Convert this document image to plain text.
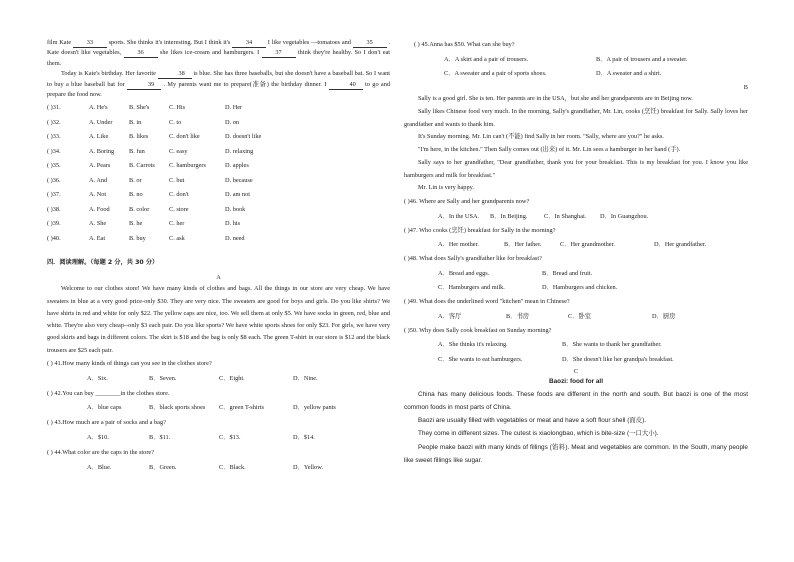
film Kate 33 sports. She thinks it's interesting. But I think it's 34 I like vegetables —tomatoes and 35 . Kate doesn't like vegetables,	36	she likes ice-cream and hamburgers. I	37	think they're healthy. So I don't eat them.

Today is Kate's birthday. Her favorite	38 is blue. She has three baseballs, but she doesn't have a baseball bat. So I want to buy a blue baseball bat for	39 . My parents want me to prepare(准备) the birthday dinner. I	40 to go and prepare the food now.

( )31.	A. He's	B. She's	C. His	D. Her
( )32.	A. Under	B. in	C. to	D. on
( )33.	A. Like	B. likes	C. don't like	D. doesn't like
( )34.	A. Boring	B. fun	C. easy	D. relaxing
( )35.	A. Pears	B. Carrots	C. hamburgers	D. apples
( )36.	A. And	B. or	C. but	D. because
( )37.	A. Not	B. no	C. don't	D. am not
( )38.	A. Food	B. color	C. store	D. book
( )39.	A. She	B. he	C. her	D. his
( )40.	A. Eat	B. buy	C. ask	D. need
四．阅读理解。（每题 2 分，共 30 分）
A

Welcome to our clothes store! We have many kinds of clothes and bags. All the things in our store are very cheap. We have sweaters in blue at a very good price-only $30. They are very nice. The sweaters are good for boys and girls. Do you like shirts? We have shirts in red and white for only $22. The yellow caps are nice, too. We sell them at only $5. We have socks in green, red, blue and white. They're also very cheap--only $3 each pair. Do you like sports? We have white sports shoes for only $23. For girls, we have very good skirts and bags in different colors. The skirt is $18 and the bag is only $8 each. The green T-shirt in our store is $12 and the black trousers are $25 each pair.

( ) 41.How many kinds of things can you see in the clothes store?
A．Six.	B．Seven.	C．Eight.	D．Nine.
( ) 42.You can buy ________in the clothes store.
A．blue caps	B．black sports shoes	C．green T-shirts	D．yellow pants
( ) 43.How much are a pair of socks and a bag?
A．$10.	B．$11.	C．$13.	D．$14.
( ) 44.What color are the caps in the store?
A．Blue.	B．Green.	C．Black.	D．Yellow.
( ) 45.Anna has $50. What can she buy?
A．A skirt and a pair of trousers.	B．A pair of trousers and a sweater.
C．A sweater and a pair of sports shoes.	D．A sweater and a shirt.
B

Sally is a good girl. She is ten. Her parents are in the USA，but she and her grandparents are in Beijing now.

Sally likes Chinese food very much. In the morning, Sally's grandfather, Mr. Lin, cooks (烹饪) breakfast for Sally. Sally loves her grandfather and wants to thank him.

It's Sunday morning. Mr. Lin can't (不能) find Sally in her room. "Sally, where are you?" he asks.

"I'm here, in the kitchen." Then Sally comes out (出来) of it. Mr. Lin sees a hamburger in her hand (手).

Sally says to her grandfather, "Dear grandfather, thank you for your breakfast. This is my breakfast for you. I know you like hamburgers and milk for breakfast."

Mr. Lin is very happy.

( )46. Where are Sally and her grandparents now?
A．In the USA.	B．In Beijing.	C．In Shanghai.	D．In Guangzhou.
( )47. Who cooks (烹饪) breakfast for Sally in the morning?
A．Her mother.	B．Her father.	C．Her grandmother.	D．Her grandfather.
( )48. What does Sally's grandfather like for breakfast?
A．Bread and eggs.	B．Bread and fruit.
C．Hamburgers and milk.	D．Hamburgers and chicken.
( )49. What does the underlined word "kitchen" mean in Chinese?
A．客厅	B．书房	C．卧室	D．厨房
( )50. Why does Sally cook breakfast on Sunday morning?
A．She thinks it's relaxing.	B．She wants to thank her grandfather.
C．She wants to eat hamburgers.	D．She doesn't like her grandpa's breakfast.
C
Baozi: food for all

China has many delicious foods. These foods are different in the north and south. But baozi is one of the most common foods in most parts of China.

Baozi are usually filled with vegetables or meat and have a soft flour shell (面皮).

They come in different sizes. The cutest is xiaolongbao, which is bite-size (一口大小).

People make baozi with many kinds of fillings (馅料). Meat and vegetables are common. In the South, many people like sweet fillings like sugar.
